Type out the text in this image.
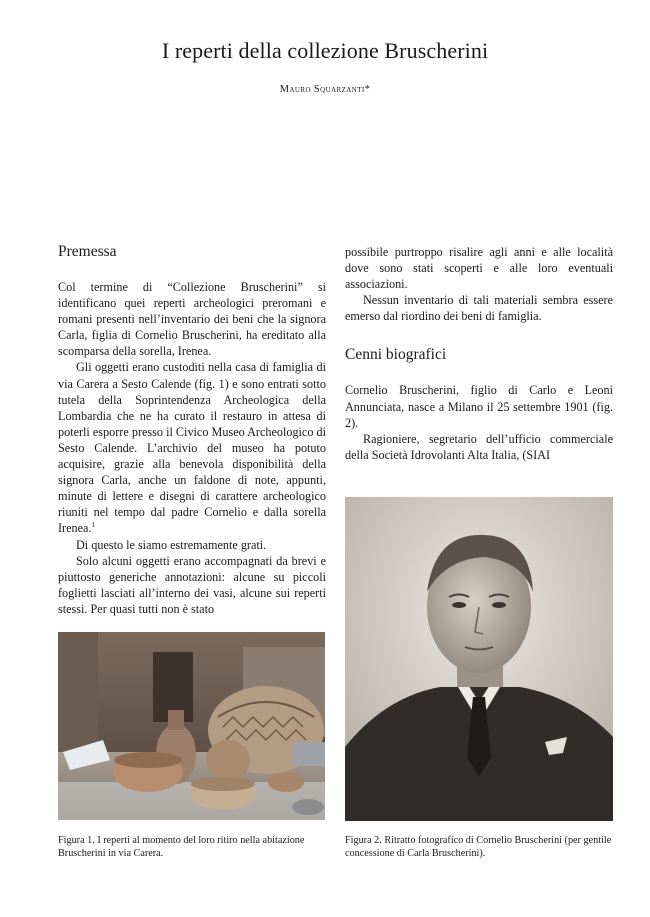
I reperti della collezione Bruscherini
Mauro Squarzanti*
Premessa

Col termine di “Collezione Bruscherini” si identificano quei reperti archeologici preromani e romani presenti nell’inventario dei beni che la signora Carla, figlia di Cornelio Bruscherini, ha ereditato alla scomparsa della sorella, Irenea.

Gli oggetti erano custoditi nella casa di famiglia di via Carera a Sesto Calende (fig. 1) e sono entrati sotto tutela della Soprintendenza Archeologica della Lombardia che ne ha curato il restauro in attesa di poterli esporre presso il Civico Museo Archeologico di Sesto Calende. L’archivio del museo ha potuto acquisire, grazie alla benevola disponibilità della signora Carla, anche un faldone di note, appunti, minute di lettere e disegni di carattere archeologico riuniti nel tempo dal padre Cornelio e dalla sorella Irenea.$^1$

Di questo le siamo estremamente grati.

Solo alcuni oggetti erano accompagnati da brevi e piuttosto generiche annotazioni: alcune su piccoli foglietti lasciati all’interno dei vasi, alcune sui reperti stessi. Per quasi tutti non è stato

possibile purtroppo risalire agli anni e alle località dove sono stati scoperti e alle loro eventuali associazioni.

Nessun inventario di tali materiali sembra essere emerso dal riordino dei beni di famiglia.

Cenni biografici

Cornelio Bruscherini, figlio di Carlo e Leoni Annunciata, nasce a Milano il 25 settembre 1901 (fig. 2).

Ragioniere, segretario dell’ufficio commerciale della Società Idrovolanti Alta Italia, (SIAI

Figura 1. I reperti al momento del loro ritiro nella abitazione Bruscherini in via Carera.
Figura 2. Ritratto fotografico di Cornelio Bruscherini (per gentile concessione di Carla Bruscherini).
